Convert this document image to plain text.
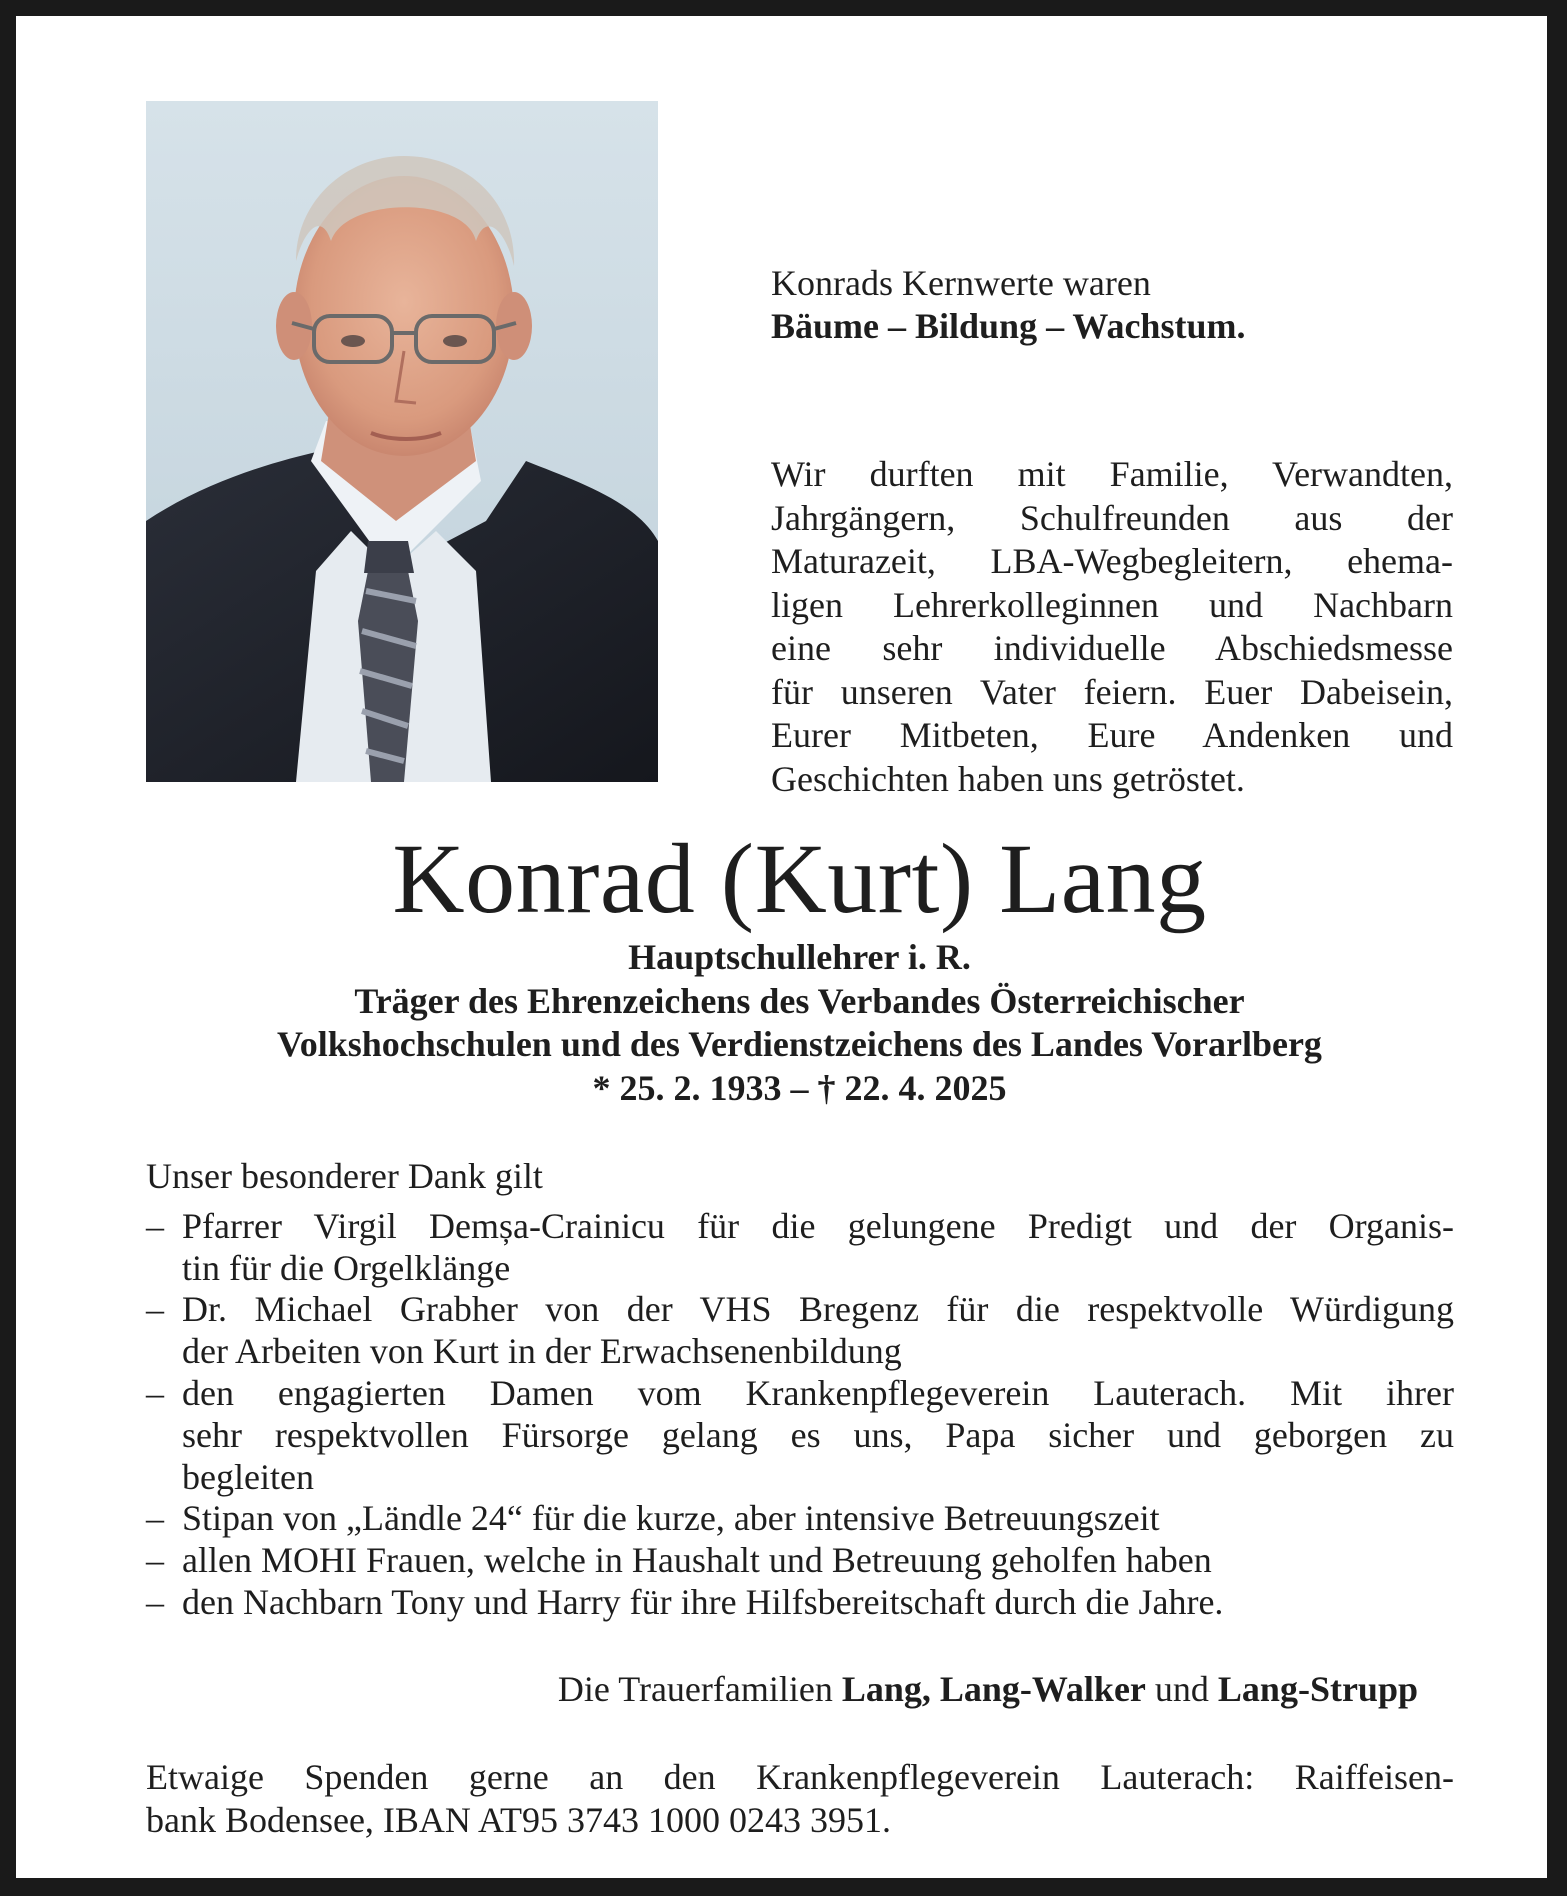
Konrads Kernwerte waren
Bäume – Bildung – Wachstum.
Wir durften mit Familie, Verwandten,
Jahrgängern, Schulfreunden aus der
Maturazeit, LBA-Wegbegleitern, ehema-
ligen Lehrerkolleginnen und Nachbarn
eine sehr individuelle Abschiedsmesse
für unseren Vater feiern. Euer Dabeisein,
Eurer Mitbeten, Eure Andenken und
Geschichten haben uns getröstet.
Konrad (Kurt) Lang
Hauptschullehrer i. R.
Träger des Ehrenzeichens des Verbandes Österreichischer
Volkshochschulen und des Verdienstzeichens des Landes Vorarlberg
* 25. 2. 1933 – † 22. 4. 2025
Unser besonderer Dank gilt
– Pfarrer Virgil Demșa-Crainicu für die gelungene Predigt und der Organis-
tin für die Orgelklänge
– Dr. Michael Grabher von der VHS Bregenz für die respektvolle Würdigung
der Arbeiten von Kurt in der Erwachsenenbildung
– den engagierten Damen vom Krankenpflegeverein Lauterach. Mit ihrer
sehr respektvollen Fürsorge gelang es uns, Papa sicher und geborgen zu
begleiten
– Stipan von „Ländle 24“ für die kurze, aber intensive Betreuungszeit
– allen MOHI Frauen, welche in Haushalt und Betreuung geholfen haben
– den Nachbarn Tony und Harry für ihre Hilfsbereitschaft durch die Jahre.
Die Trauerfamilien Lang, Lang-Walker und Lang-Strupp
Etwaige Spenden gerne an den Krankenpflegeverein Lauterach: Raiffeisen-
bank Bodensee, IBAN AT95 3743 1000 0243 3951.
